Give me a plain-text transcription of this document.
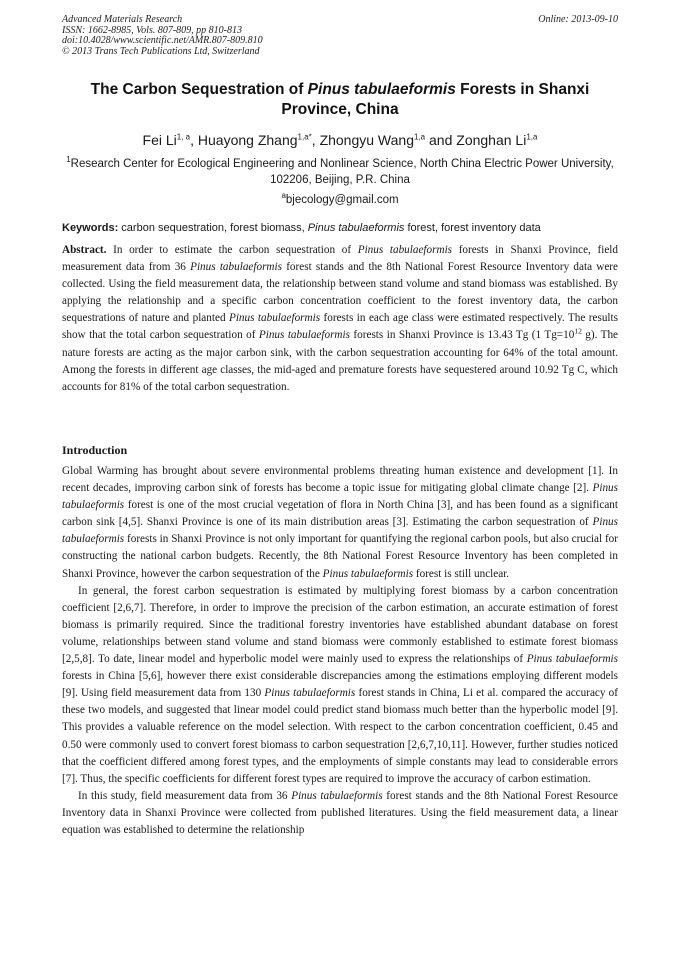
Advanced Materials Research
ISSN: 1662-8985, Vols. 807-809, pp 810-813
doi:10.4028/www.scientific.net/AMR.807-809.810
© 2013 Trans Tech Publications Ltd, Switzerland
Online: 2013-09-10
The Carbon Sequestration of Pinus tabulaeformis Forests in Shanxi Province, China
Fei Li$^{1, a}$, Huayong Zhang$^{1,a*}$, Zhongyu Wang$^{1,a}$ and Zonghan Li$^{1,a}$
$^1$Research Center for Ecological Engineering and Nonlinear Science, North China Electric Power University, 102206, Beijing, P.R. China
$^a$bjecology@gmail.com
Keywords: carbon sequestration, forest biomass, Pinus tabulaeformis forest, forest inventory data
Abstract. In order to estimate the carbon sequestration of Pinus tabulaeformis forests in Shanxi Province, field measurement data from 36 Pinus tabulaeformis forest stands and the 8th National Forest Resource Inventory data were collected. Using the field measurement data, the relationship between stand volume and stand biomass was established. By applying the relationship and a specific carbon concentration coefficient to the forest inventory data, the carbon sequestrations of nature and planted Pinus tabulaeformis forests in each age class were estimated respectively. The results show that the total carbon sequestration of Pinus tabulaeformis forests in Shanxi Province is 13.43 Tg (1 $Tg=10^{12}$ g). The nature forests are acting as the major carbon sink, with the carbon sequestration accounting for 64% of the total amount. Among the forests in different age classes, the mid-aged and premature forests have sequestered around 10.92 Tg C, which accounts for 81% of the total carbon sequestration.
Introduction

Global Warming has brought about severe environmental problems threating human existence and development [1]. In recent decades, improving carbon sink of forests has become a topic issue for mitigating global climate change [2]. Pinus tabulaeformis forest is one of the most crucial vegetation of flora in North China [3], and has been found as a significant carbon sink [4,5]. Shanxi Province is one of its main distribution areas [3]. Estimating the carbon sequestration of Pinus tabulaeformis forests in Shanxi Province is not only important for quantifying the regional carbon pools, but also crucial for constructing the national carbon budgets. Recently, the 8th National Forest Resource Inventory has been completed in Shanxi Province, however the carbon sequestration of the Pinus tabulaeformis forest is still unclear.

In general, the forest carbon sequestration is estimated by multiplying forest biomass by a carbon concentration coefficient [2,6,7]. Therefore, in order to improve the precision of the carbon estimation, an accurate estimation of forest biomass is primarily required. Since the traditional forestry inventories have established abundant database on forest volume, relationships between stand volume and stand biomass were commonly established to estimate forest biomass [2,5,8]. To date, linear model and hyperbolic model were mainly used to express the relationships of Pinus tabulaeformis forests in China [5,6], however there exist considerable discrepancies among the estimations employing different models [9]. Using field measurement data from 130 Pinus tabulaeformis forest stands in China, Li et al. compared the accuracy of these two models, and suggested that linear model could predict stand biomass much better than the hyperbolic model [9]. This provides a valuable reference on the model selection. With respect to the carbon concentration coefficient, 0.45 and 0.50 were commonly used to convert forest biomass to carbon sequestration [2,6,7,10,11]. However, further studies noticed that the coefficient differed among forest types, and the employments of simple constants may lead to considerable errors [7]. Thus, the specific coefficients for different forest types are required to improve the accuracy of carbon estimation.

In this study, field measurement data from 36 Pinus tabulaeformis forest stands and the 8th National Forest Resource Inventory data in Shanxi Province were collected from published literatures. Using the field measurement data, a linear equation was established to determine the relationship
